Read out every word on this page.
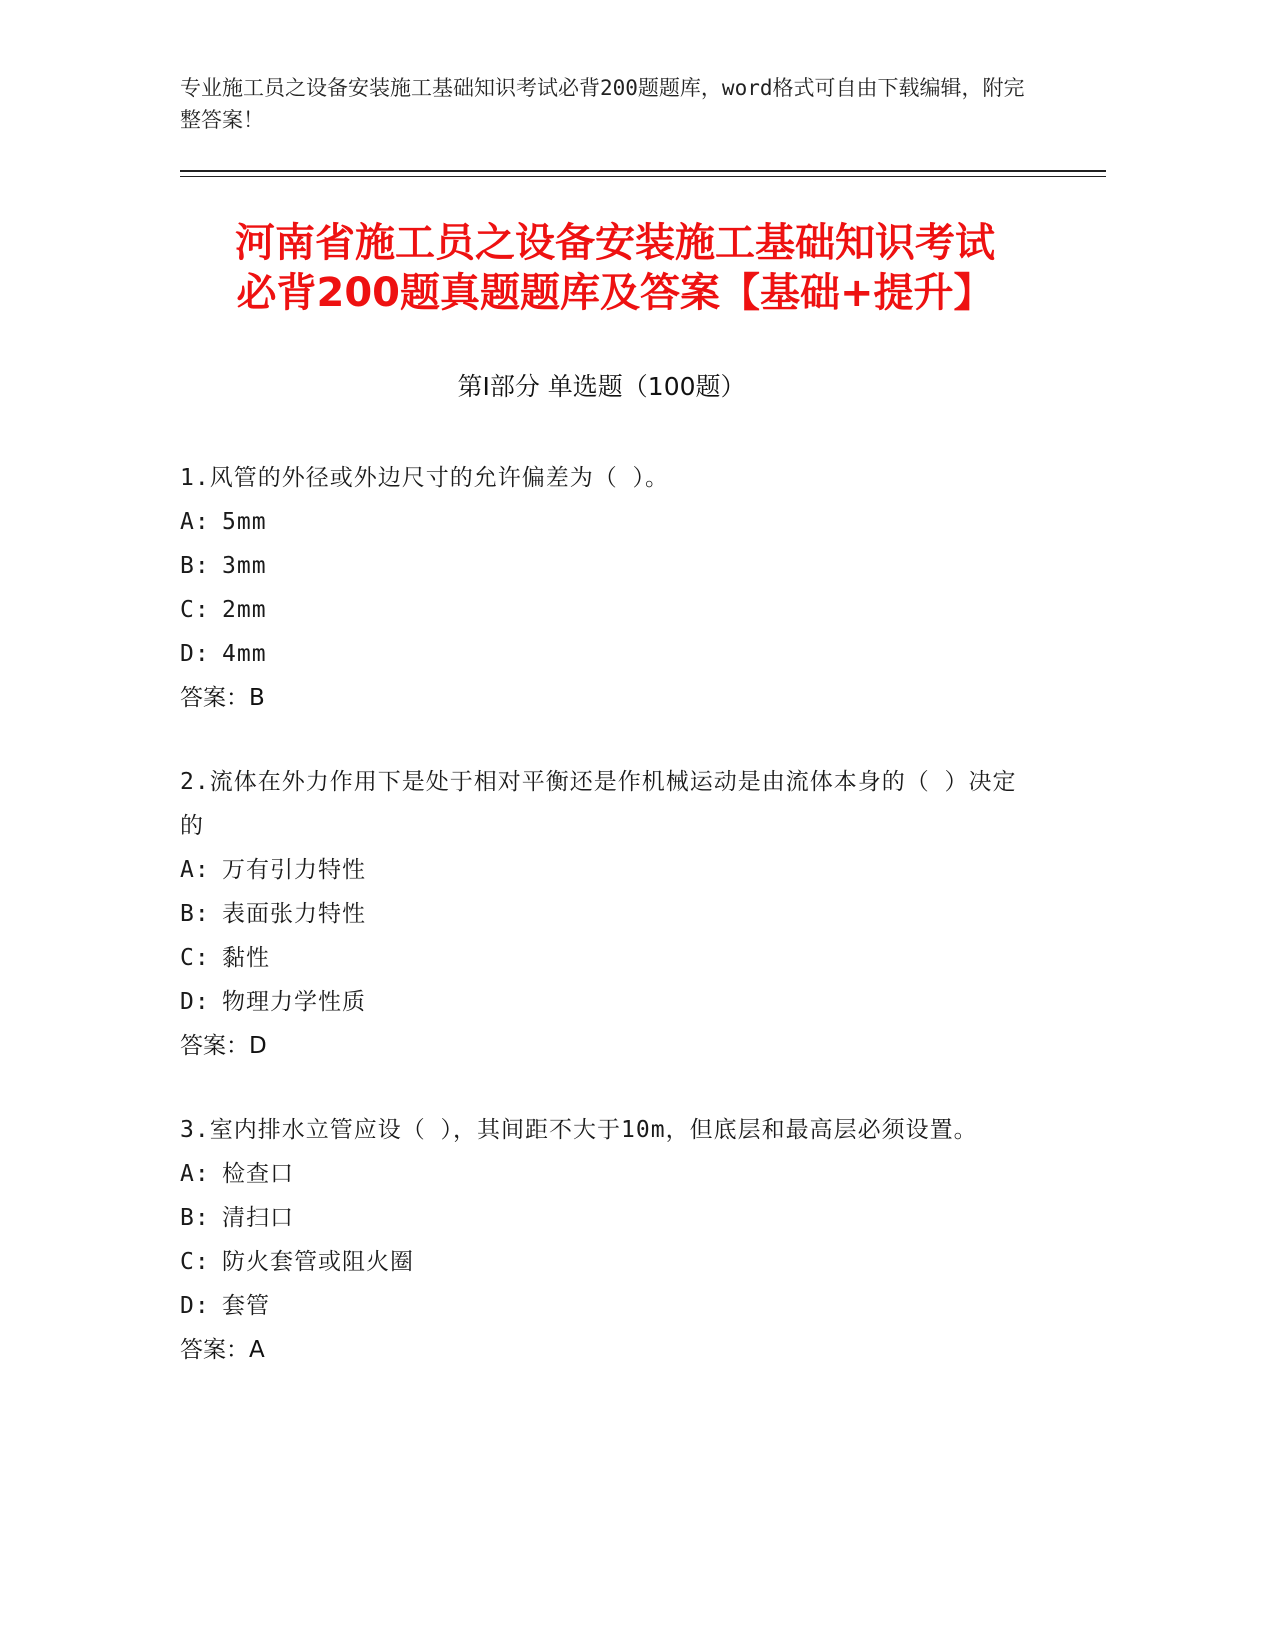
专业施工员之设备安装施工基础知识考试必背200题题库，word格式可自由下载编辑，附完整答案！
河南省施工员之设备安装施工基础知识考试
必背200题真题题库及答案【基础+提升】
第Ⅰ部分 单选题（100题）
1.风管的外径或外边尺寸的允许偏差为（ ）。
A: 5mm
B: 3mm
C: 2mm
D: 4mm
答案：B
2.流体在外力作用下是处于相对平衡还是作机械运动是由流体本身的（ ）决定的
A: 万有引力特性
B: 表面张力特性
C: 黏性
D: 物理力学性质
答案：D
3.室内排水立管应设（ ），其间距不大于10m，但底层和最高层必须设置。
A: 检查口
B: 清扫口
C: 防火套管或阻火圈
D: 套管
答案：A
